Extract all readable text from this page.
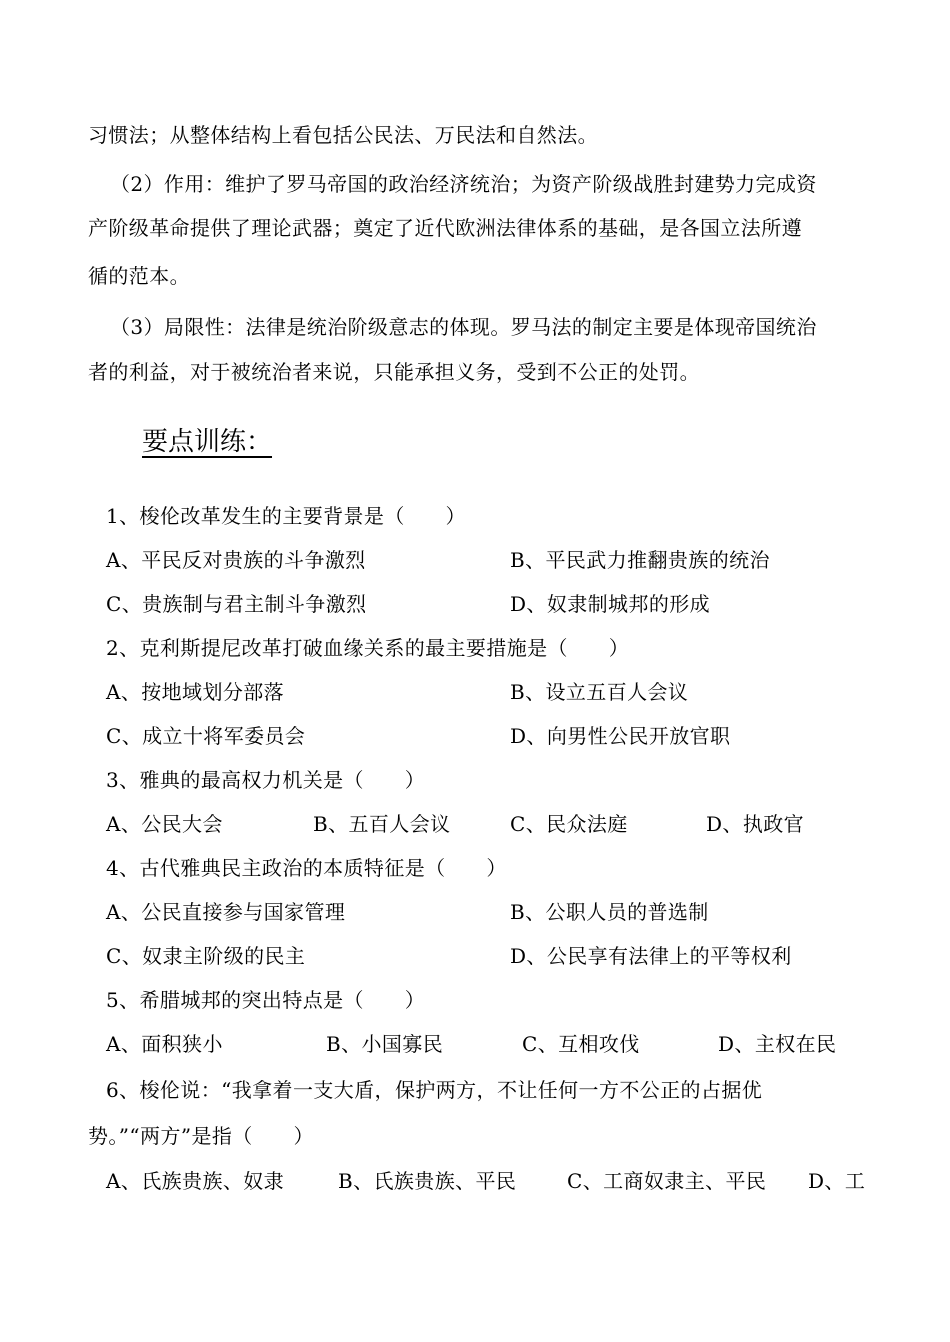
习惯法；从整体结构上看包括公民法、万民法和自然法。
（2）作用：维护了罗马帝国的政治经济统治；为资产阶级战胜封建势力完成资
产阶级革命提供了理论武器；奠定了近代欧洲法律体系的基础，是各国立法所遵
循的范本。
（3）局限性：法律是统治阶级意志的体现。罗马法的制定主要是体现帝国统治
者的利益，对于被统治者来说，只能承担义务，受到不公正的处罚。
要点训练：
1、梭伦改革发生的主要背景是（　　）
A、平民反对贵族的斗争激烈	B、平民武力推翻贵族的统治
C、贵族制与君主制斗争激烈	D、奴隶制城邦的形成
2、克利斯提尼改革打破血缘关系的最主要措施是（　　）
A、按地域划分部落	B、设立五百人会议
C、成立十将军委员会	D、向男性公民开放官职
3、雅典的最高权力机关是（　　）
A、公民大会	B、五百人会议	C、民众法庭	D、执政官
4、古代雅典民主政治的本质特征是（　　）
A、公民直接参与国家管理	B、公职人员的普选制
C、奴隶主阶级的民主	D、公民享有法律上的平等权利
5、希腊城邦的突出特点是（　　）
A、面积狭小	B、小国寡民	C、互相攻伐	D、主权在民
6、梭伦说：“我拿着一支大盾，保护两方，不让任何一方不公正的占据优
势。”“两方”是指（　　）
A、氏族贵族、奴隶	B、氏族贵族、平民	C、工商奴隶主、平民 D、工
